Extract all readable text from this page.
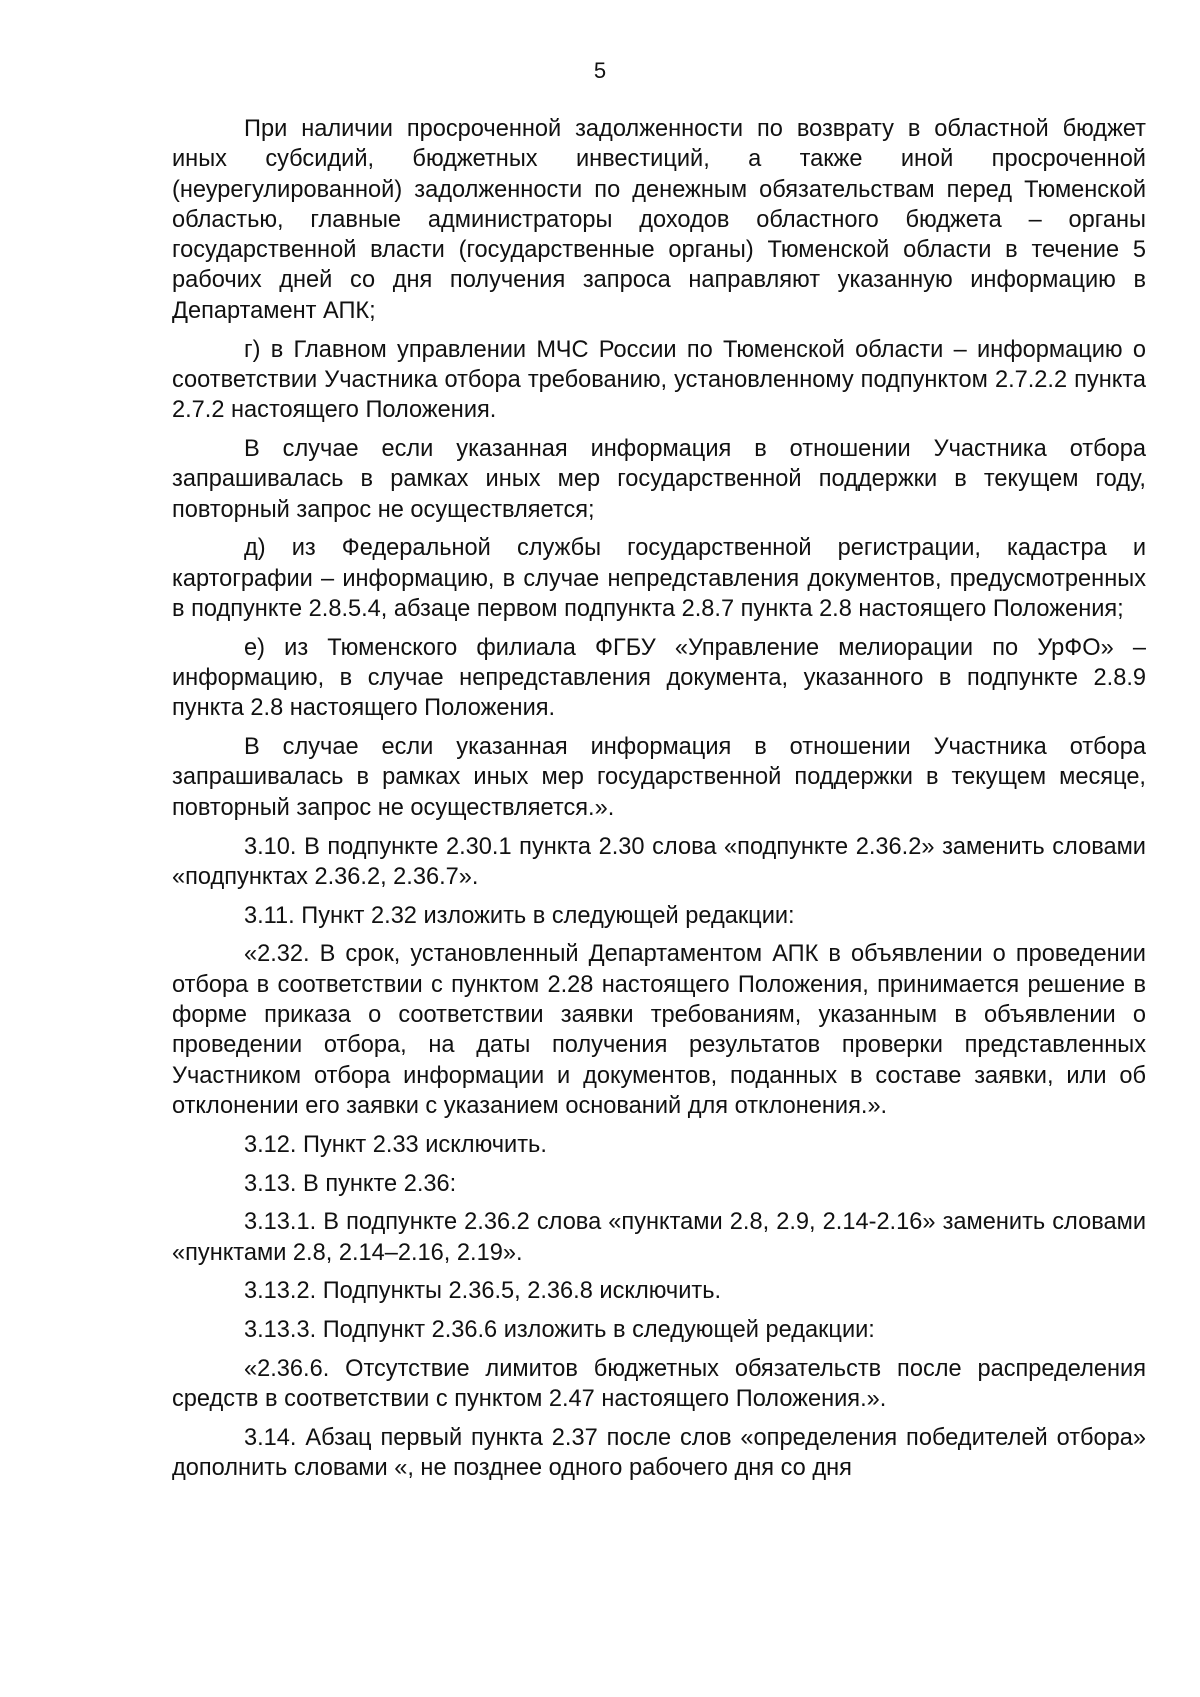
5

При наличии просроченной задолженности по возврату в областной бюджет иных субсидий, бюджетных инвестиций, а также иной просроченной (неурегулированной) задолженности по денежным обязательствам перед Тюменской областью, главные администраторы доходов областного бюджета – органы государственной власти (государственные органы) Тюменской области в течение 5 рабочих дней со дня получения запроса направляют указанную информацию в Департамент АПК;

г) в Главном управлении МЧС России по Тюменской области – информацию о соответствии Участника отбора требованию, установленному подпунктом 2.7.2.2 пункта 2.7.2 настоящего Положения.

В случае если указанная информация в отношении Участника отбора запрашивалась в рамках иных мер государственной поддержки в текущем году, повторный запрос не осуществляется;

д) из Федеральной службы государственной регистрации, кадастра и картографии – информацию, в случае непредставления документов, предусмотренных в подпункте 2.8.5.4, абзаце первом подпункта 2.8.7 пункта 2.8 настоящего Положения;

е) из Тюменского филиала ФГБУ «Управление мелиорации по УрФО» – информацию, в случае непредставления документа, указанного в подпункте 2.8.9 пункта 2.8 настоящего Положения.

В случае если указанная информация в отношении Участника отбора запрашивалась в рамках иных мер государственной поддержки в текущем месяце, повторный запрос не осуществляется.».

3.10. В подпункте 2.30.1 пункта 2.30 слова «подпункте 2.36.2» заменить словами «подпунктах 2.36.2, 2.36.7».

3.11. Пункт 2.32 изложить в следующей редакции:

«2.32. В срок, установленный Департаментом АПК в объявлении о проведении отбора в соответствии с пунктом 2.28 настоящего Положения, принимается решение в форме приказа о соответствии заявки требованиям, указанным в объявлении о проведении отбора, на даты получения результатов проверки представленных Участником отбора информации и документов, поданных в составе заявки, или об отклонении его заявки с указанием оснований для отклонения.».

3.12. Пункт 2.33 исключить.

3.13. В пункте 2.36:

3.13.1. В подпункте 2.36.2 слова «пунктами 2.8, 2.9, 2.14-2.16» заменить словами «пунктами 2.8, 2.14–2.16, 2.19».

3.13.2. Подпункты 2.36.5, 2.36.8 исключить.

3.13.3. Подпункт 2.36.6 изложить в следующей редакции:

«2.36.6. Отсутствие лимитов бюджетных обязательств после распределения средств в соответствии с пунктом 2.47 настоящего Положения.».

3.14. Абзац первый пункта 2.37 после слов «определения победителей отбора» дополнить словами «, не позднее одного рабочего дня со дня
